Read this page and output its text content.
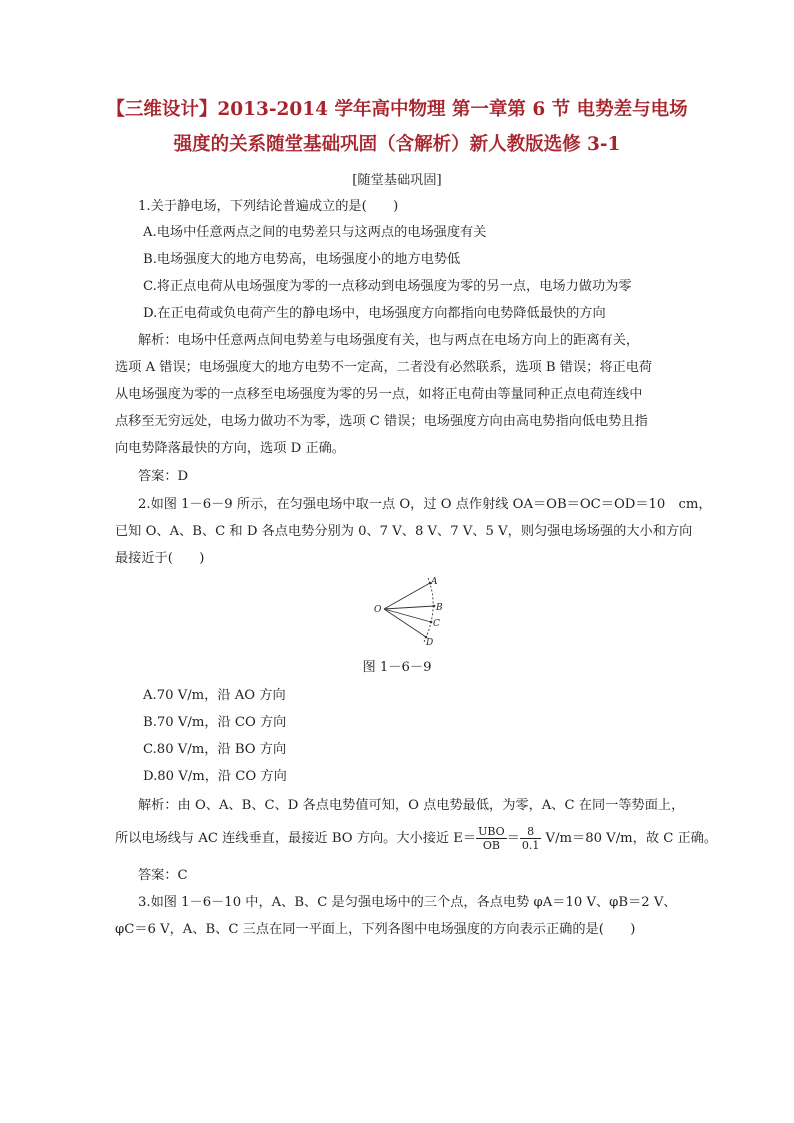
【三维设计】2013-2014 学年高中物理 第一章第 6 节 电势差与电场
强度的关系随堂基础巩固（含解析）新人教版选修 3-1
[随堂基础巩固]
1.关于静电场，下列结论普遍成立的是(　　)
A.电场中任意两点之间的电势差只与这两点的电场强度有关
B.电场强度大的地方电势高，电场强度小的地方电势低
C.将正点电荷从电场强度为零的一点移动到电场强度为零的另一点，电场力做功为零
D.在正电荷或负电荷产生的静电场中，电场强度方向都指向电势降低最快的方向
解析：电场中任意两点间电势差与电场强度有关，也与两点在电场方向上的距离有关，
选项 A 错误；电场强度大的地方电势不一定高，二者没有必然联系，选项 B 错误；将正电荷
从电场强度为零的一点移至电场强度为零的另一点，如将正电荷由等量同种正点电荷连线中
点移至无穷远处，电场力做功不为零，选项 C 错误；电场强度方向由高电势指向低电势且指
向电势降落最快的方向，选项 D 正确。
答案：D
2.如图 1－6－9 所示，在匀强电场中取一点 O，过 O 点作射线 OA＝OB＝OC＝OD＝10　cm，
已知 O、A、B、C 和 D 各点电势分别为 0、7 V、8 V、7 V、5 V，则匀强电场场强的大小和方向
最接近于(　　)
O
A
B
C
D
图 1－6－9
A.70 V/m，沿 AO 方向
B.70 V/m，沿 CO 方向
C.80 V/m，沿 BO 方向
D.80 V/m，沿 CO 方向
解析：由 O、A、B、C、D 各点电势值可知，O 点电势最低，为零，A、C 在同一等势面上，
所以电场线与 AC 连线垂直，最接近 BO 方向。大小接近 $E= \frac{\text{UBO}}{OB} = \frac{8}{0.1} V/m=80$ V/m，故 C 正确。
答案：C
3.如图 1－6－10 中，A、B、C 是匀强电场中的三个点，各点电势 φA＝10 V、φB＝2 V、
φC＝6 V，A、B、C 三点在同一平面上，下列各图中电场强度的方向表示正确的是(　　)
